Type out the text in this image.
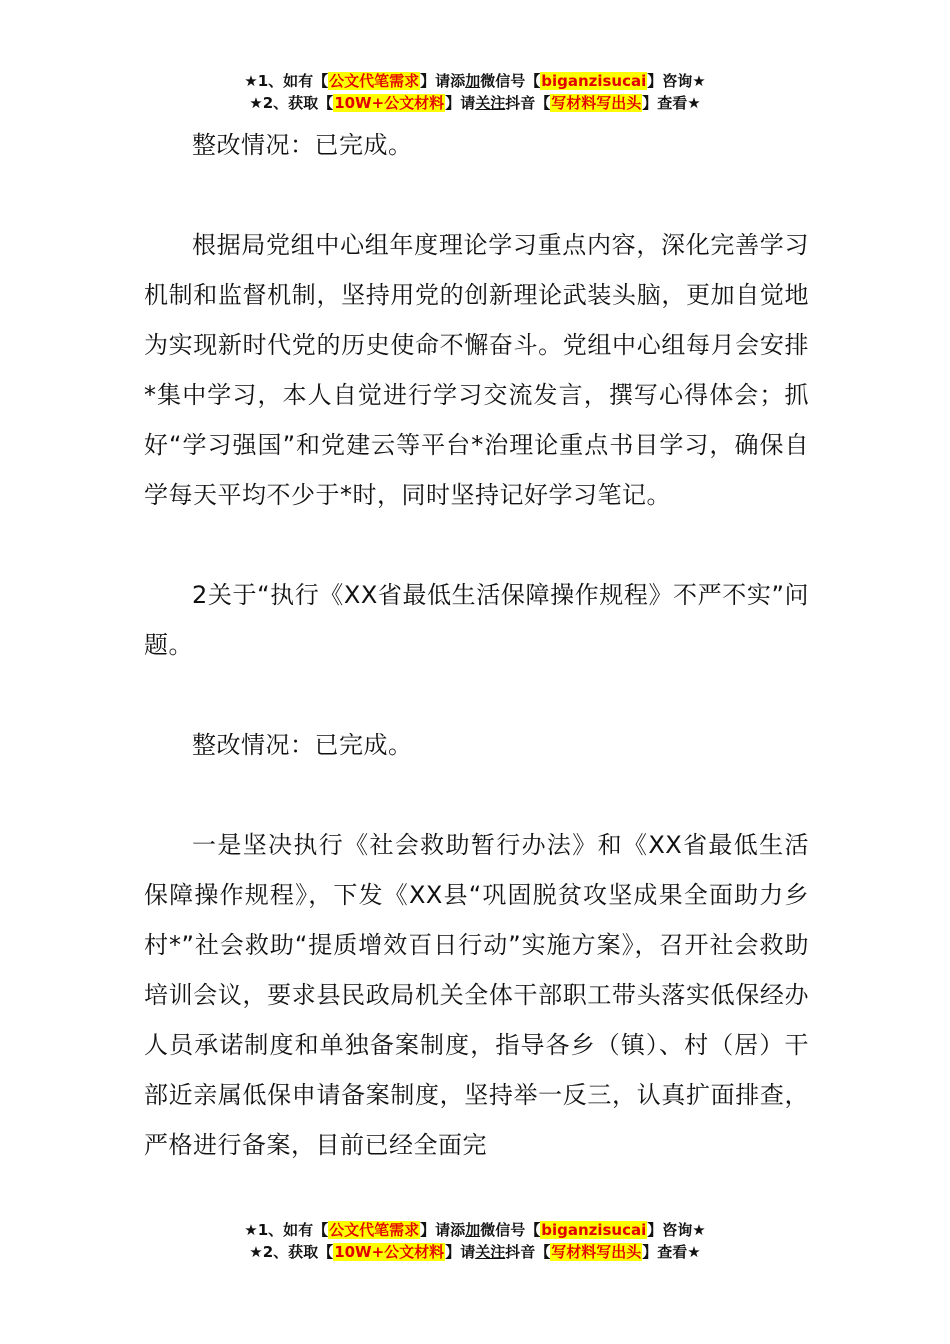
★1、如有【公文代笔需求】请添加微信号【biganzisucai】咨询★
★2、获取【10W+公文材料】请关注抖音【写材料写出头】查看★

整改情况：已完成。

根据局党组中心组年度理论学习重点内容，深化完善学习机制和监督机制，坚持用党的创新理论武装头脑，更加自觉地为实现新时代党的历史使命不懈奋斗。党组中心组每月会安排*集中学习，本人自觉进行学习交流发言，撰写心得体会；抓好“学习强国”和党建云等平台*治理论重点书目学习，确保自学每天平均不少于*时，同时坚持记好学习笔记。

2关于“执行《XX省最低生活保障操作规程》不严不实”问题。

整改情况：已完成。

一是坚决执行《社会救助暂行办法》和《XX省最低生活保障操作规程》，下发《XX县“巩固脱贫攻坚成果全面助力乡村*”社会救助“提质增效百日行动”实施方案》，召开社会救助培训会议，要求县民政局机关全体干部职工带头落实低保经办人员承诺制度和单独备案制度，指导各乡（镇）、村（居）干部近亲属低保申请备案制度，坚持举一反三，认真扩面排查，严格进行备案，目前已经全面完

★1、如有【公文代笔需求】请添加微信号【biganzisucai】咨询★
★2、获取【10W+公文材料】请关注抖音【写材料写出头】查看★
